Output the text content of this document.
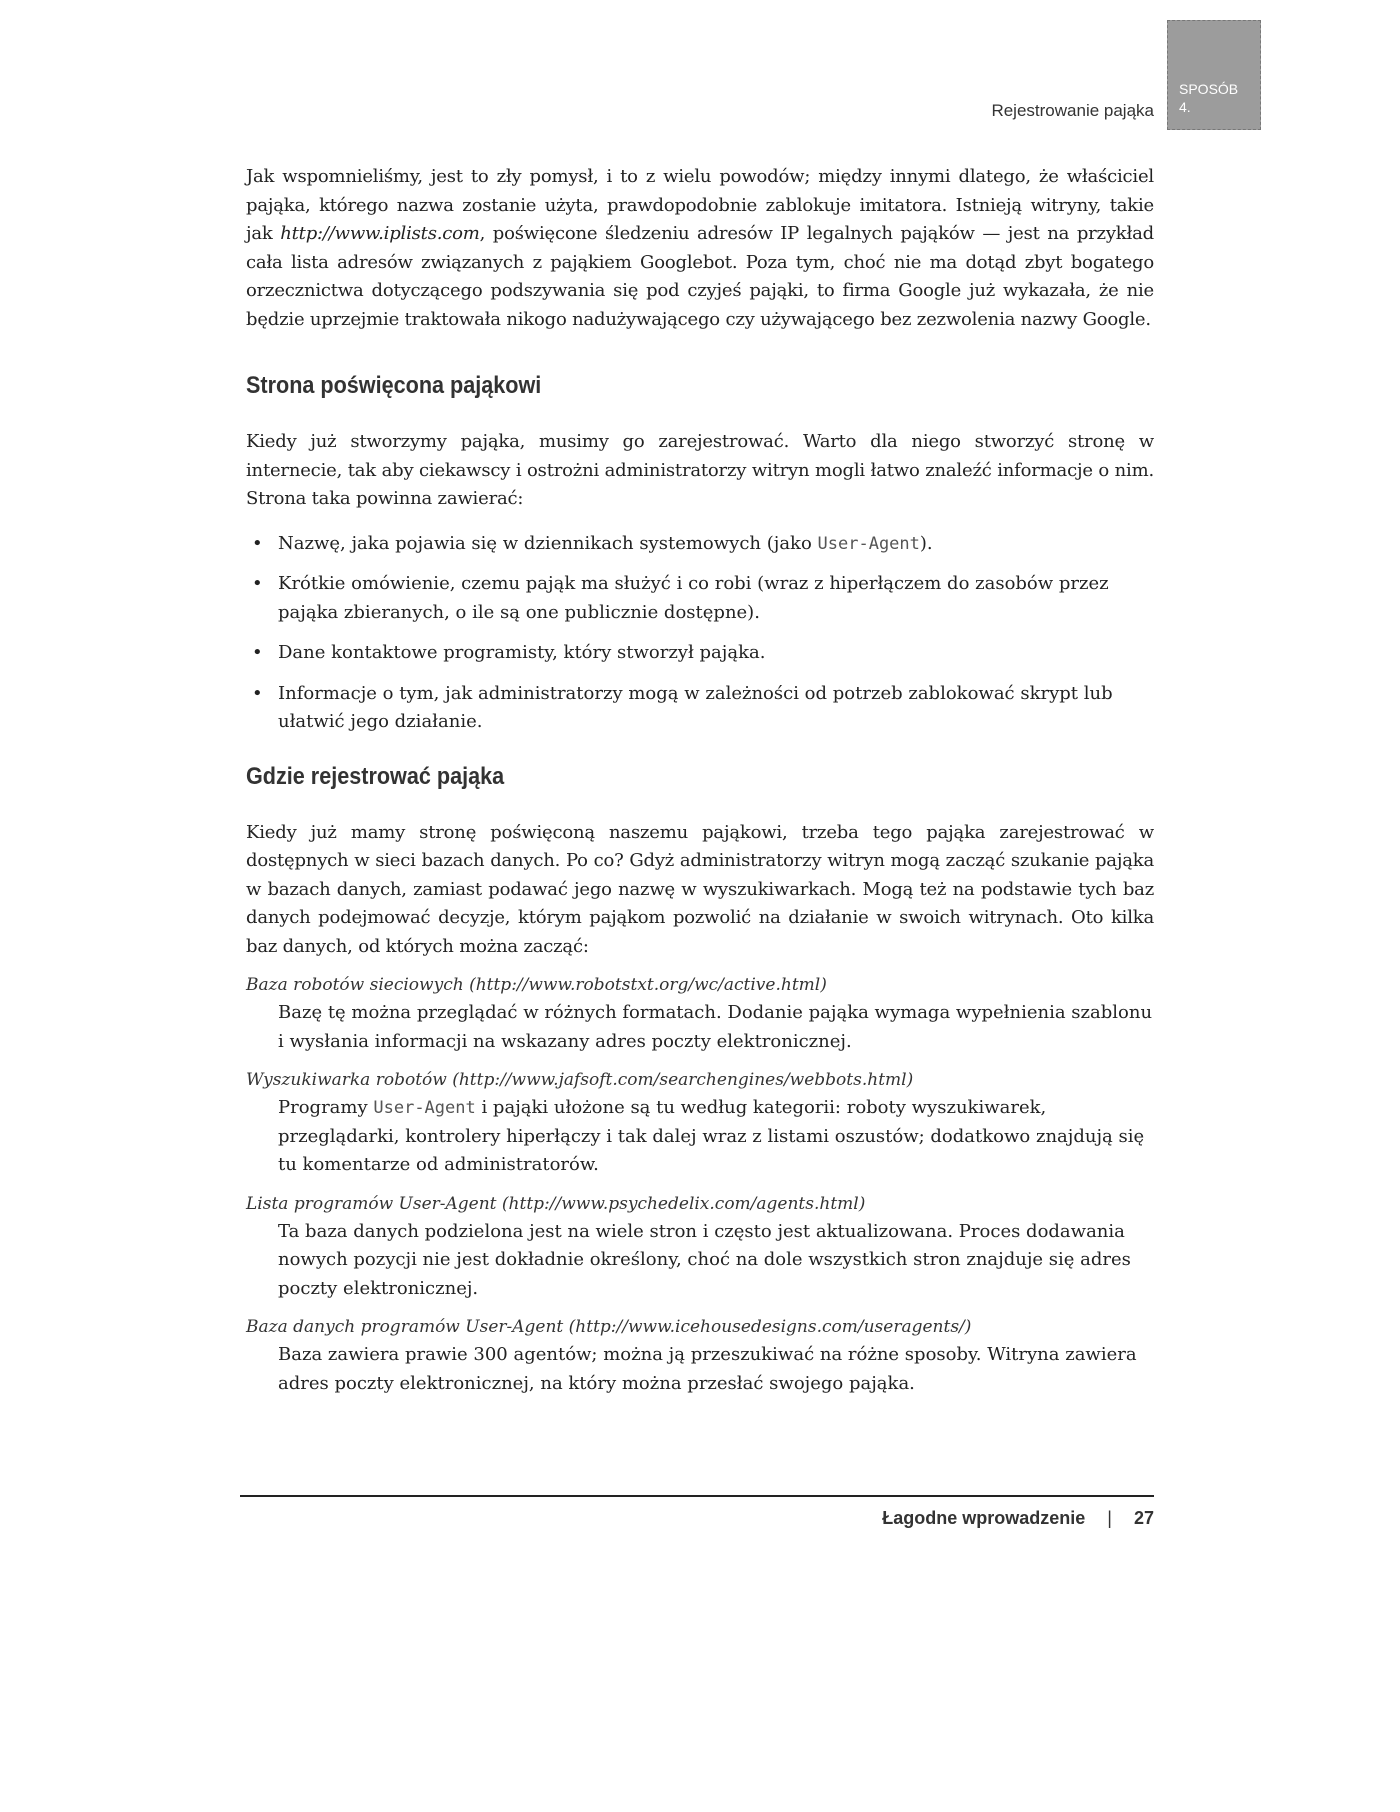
SPOSÓB
4.
Rejestrowanie pająka

Jak wspomnieliśmy, jest to zły pomysł, i to z wielu powodów; między innymi dlatego, że właściciel pająka, którego nazwa zostanie użyta, prawdopodobnie zablokuje imitatora. Istnieją witryny, takie jak http://www.iplists.com, poświęcone śledzeniu adresów IP legalnych pająków — jest na przykład cała lista adresów związanych z pająkiem Googlebot. Poza tym, choć nie ma dotąd zbyt bogatego orzecznictwa dotyczącego podszywania się pod czyjeś pająki, to firma Google już wykazała, że nie będzie uprzejmie traktowała nikogo nadużywającego czy używającego bez zezwolenia nazwy Google.

Strona poświęcona pająkowi

Kiedy już stworzymy pająka, musimy go zarejestrować. Warto dla niego stworzyć stronę w internecie, tak aby ciekawscy i ostrożni administratorzy witryn mogli łatwo znaleźć informacje o nim. Strona taka powinna zawierać:

• Nazwę, jaka pojawia się w dziennikach systemowych (jako User-Agent).
• Krótkie omówienie, czemu pająk ma służyć i co robi (wraz z hiperłączem do zasobów przez pająka zbieranych, o ile są one publicznie dostępne).
• Dane kontaktowe programisty, który stworzył pająka.
• Informacje o tym, jak administratorzy mogą w zależności od potrzeb zablokować skrypt lub ułatwić jego działanie.
Gdzie rejestrować pająka

Kiedy już mamy stronę poświęconą naszemu pająkowi, trzeba tego pająka zarejestrować w dostępnych w sieci bazach danych. Po co? Gdyż administratorzy witryn mogą zacząć szukanie pająka w bazach danych, zamiast podawać jego nazwę w wyszukiwarkach. Mogą też na podstawie tych baz danych podejmować decyzje, którym pająkom pozwolić na działanie w swoich witrynach. Oto kilka baz danych, od których można zacząć:

Baza robotów sieciowych (http://www.robotstxt.org/wc/active.html)
Bazę tę można przeglądać w różnych formatach. Dodanie pająka wymaga wypełnienia szablonu i wysłania informacji na wskazany adres poczty elektronicznej.
Wyszukiwarka robotów (http://www.jafsoft.com/searchengines/webbots.html)
Programy User-Agent i pająki ułożone są tu według kategorii: roboty wyszukiwarek, przeglądarki, kontrolery hiperłączy i tak dalej wraz z listami oszustów; dodatkowo znajdują się tu komentarze od administratorów.
Lista programów User-Agent (http://www.psychedelix.com/agents.html)
Ta baza danych podzielona jest na wiele stron i często jest aktualizowana. Proces dodawania nowych pozycji nie jest dokładnie określony, choć na dole wszystkich stron znajduje się adres poczty elektronicznej.
Baza danych programów User-Agent (http://www.icehousedesigns.com/useragents/)
Baza zawiera prawie 300 agentów; można ją przeszukiwać na różne sposoby. Witryna zawiera adres poczty elektronicznej, na który można przesłać swojego pająka.
Łagodne wprowadzenie | 27
